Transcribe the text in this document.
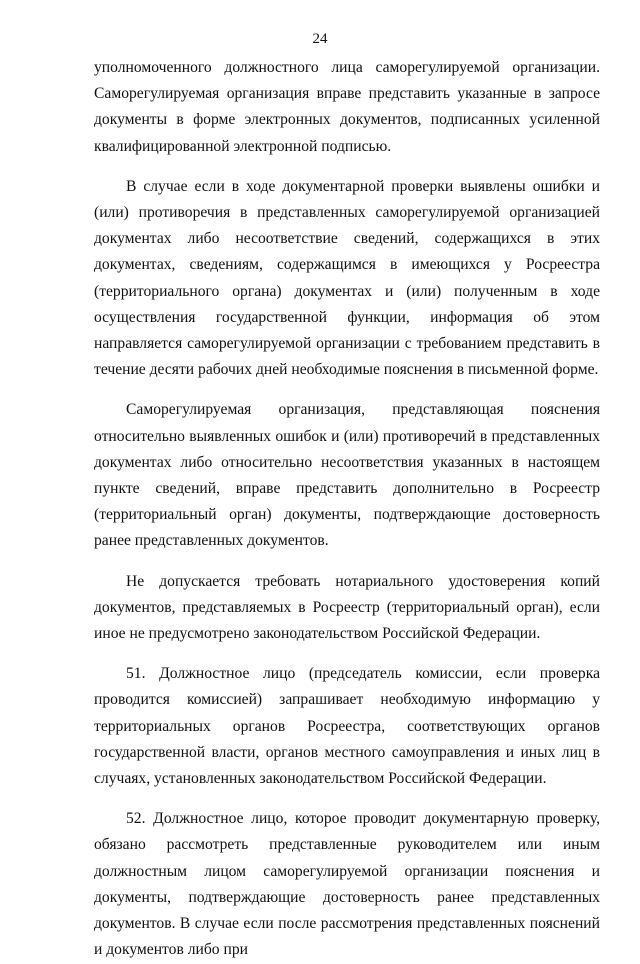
24

уполномоченного должностного лица саморегулируемой организации. Саморегулируемая организация вправе представить указанные в запросе документы в форме электронных документов, подписанных усиленной квалифицированной электронной подписью.

В случае если в ходе документарной проверки выявлены ошибки и (или) противоречия в представленных саморегулируемой организацией документах либо несоответствие сведений, содержащихся в этих документах, сведениям, содержащимся в имеющихся у Росреестра (территориального органа) документах и (или) полученным в ходе осуществления государственной функции, информация об этом направляется саморегулируемой организации с требованием представить в течение десяти рабочих дней необходимые пояснения в письменной форме.

Саморегулируемая организация, представляющая пояснения относительно выявленных ошибок и (или) противоречий в представленных документах либо относительно несоответствия указанных в настоящем пункте сведений, вправе представить дополнительно в Росреестр (территориальный орган) документы, подтверждающие достоверность ранее представленных документов.

Не допускается требовать нотариального удостоверения копий документов, представляемых в Росреестр (территориальный орган), если иное не предусмотрено законодательством Российской Федерации.

51. Должностное лицо (председатель комиссии, если проверка проводится комиссией) запрашивает необходимую информацию у территориальных органов Росреестра, соответствующих органов государственной власти, органов местного самоуправления и иных лиц в случаях, установленных законодательством Российской Федерации.

52. Должностное лицо, которое проводит документарную проверку, обязано рассмотреть представленные руководителем или иным должностным лицом саморегулируемой организации пояснения и документы, подтверждающие достоверность ранее представленных документов. В случае если после рассмотрения представленных пояснений и документов либо при
